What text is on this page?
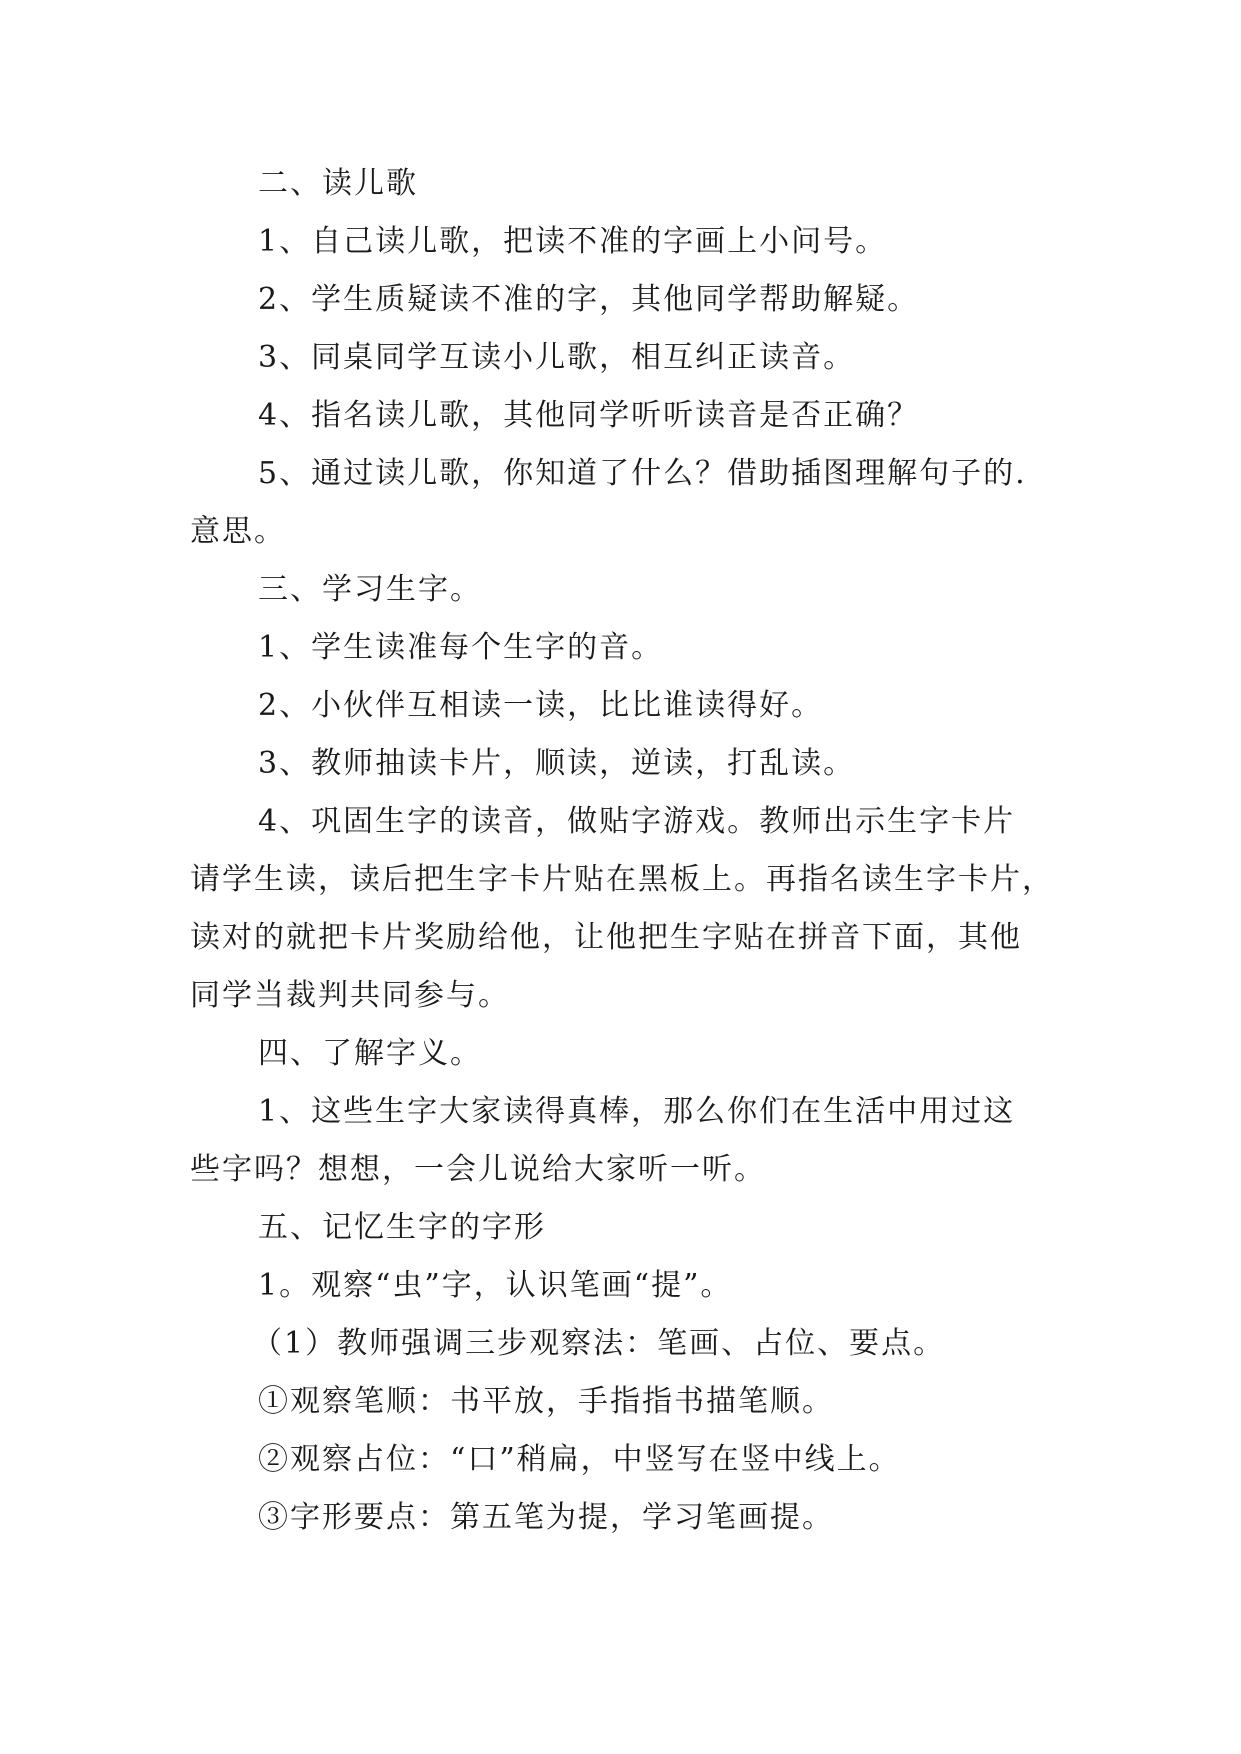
二、读儿歌
1、自己读儿歌，把读不准的字画上小问号。
2、学生质疑读不准的字，其他同学帮助解疑。
3、同桌同学互读小儿歌，相互纠正读音。
4、指名读儿歌，其他同学听听读音是否正确？
5、通过读儿歌，你知道了什么？借助插图理解句子的.
意思。
三、学习生字。
1、学生读准每个生字的音。
2、小伙伴互相读一读，比比谁读得好。
3、教师抽读卡片，顺读，逆读，打乱读。
4、巩固生字的读音，做贴字游戏。教师出示生字卡片
请学生读，读后把生字卡片贴在黑板上。再指名读生字卡片，
读对的就把卡片奖励给他，让他把生字贴在拼音下面，其他
同学当裁判共同参与。
四、了解字义。
1、这些生字大家读得真棒，那么你们在生活中用过这
些字吗？想想，一会儿说给大家听一听。
五、记忆生字的字形
1。观察“虫”字，认识笔画“提”。
（1）教师强调三步观察法：笔画、占位、要点。
①观察笔顺：书平放，手指指书描笔顺。
②观察占位：“口”稍扁，中竖写在竖中线上。
③字形要点：第五笔为提，学习笔画提。
